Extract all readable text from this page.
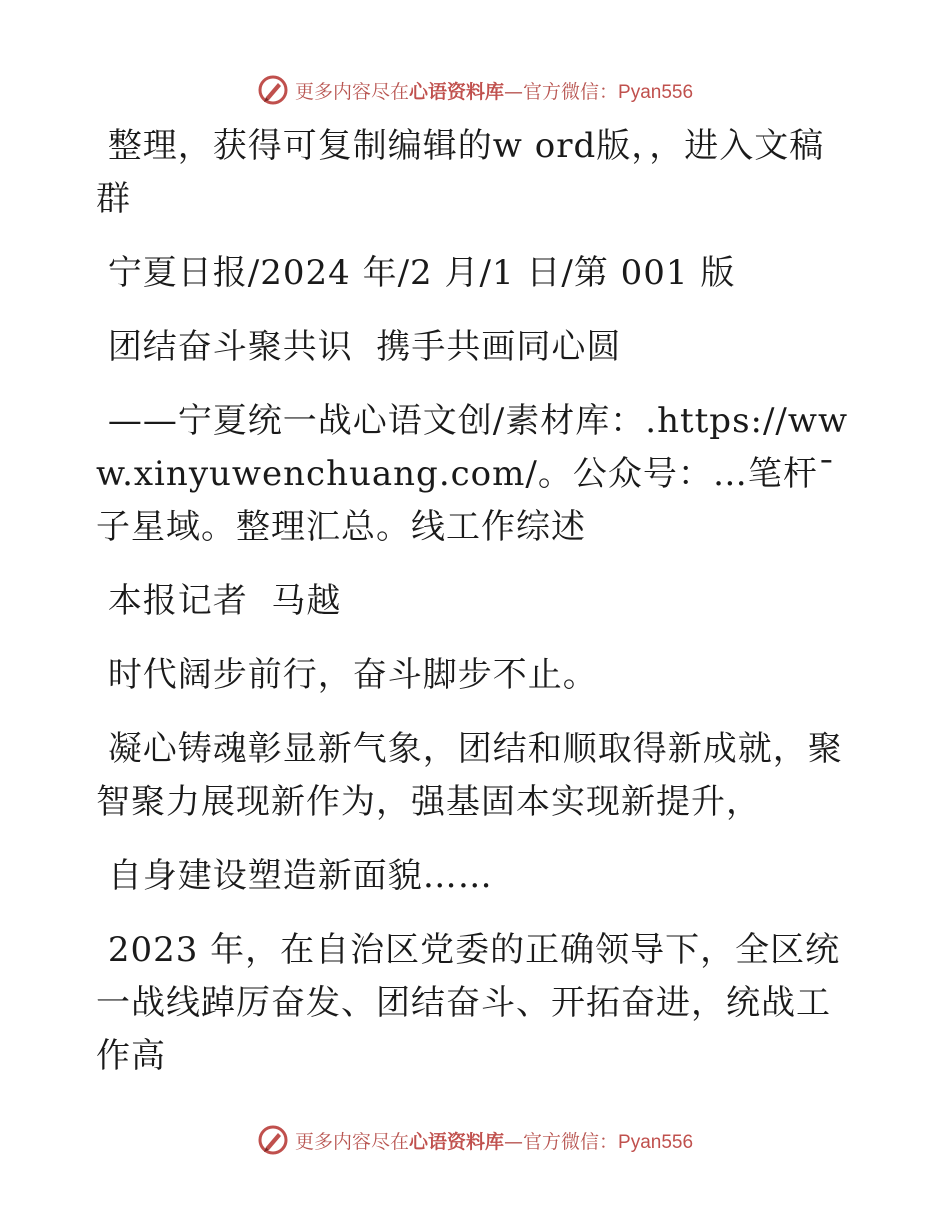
更多内容尽在心语资料库—官方微信：Pyan556

整理，获得可复制编辑的w ord版，，进入文稿群

宁夏日报/2024 年/2 月/1 日/第 001 版

团结奋斗聚共识  携手共画同心圆

——宁夏统一战心语文创/素材库：.https://www.xinyuwenchuang.com/。公众号：…笔杆¯子星域。整理汇总。线工作综述

本报记者  马越

时代阔步前行，奋斗脚步不止。

凝心铸魂彰显新气象，团结和顺取得新成就，聚智聚力展现新作为，强基固本实现新提升，

自身建设塑造新面貌……

2023 年，在自治区党委的正确领导下，全区统一战线踔厉奋发、团结奋斗、开拓奋进，统战工作高

更多内容尽在心语资料库—官方微信：Pyan556
